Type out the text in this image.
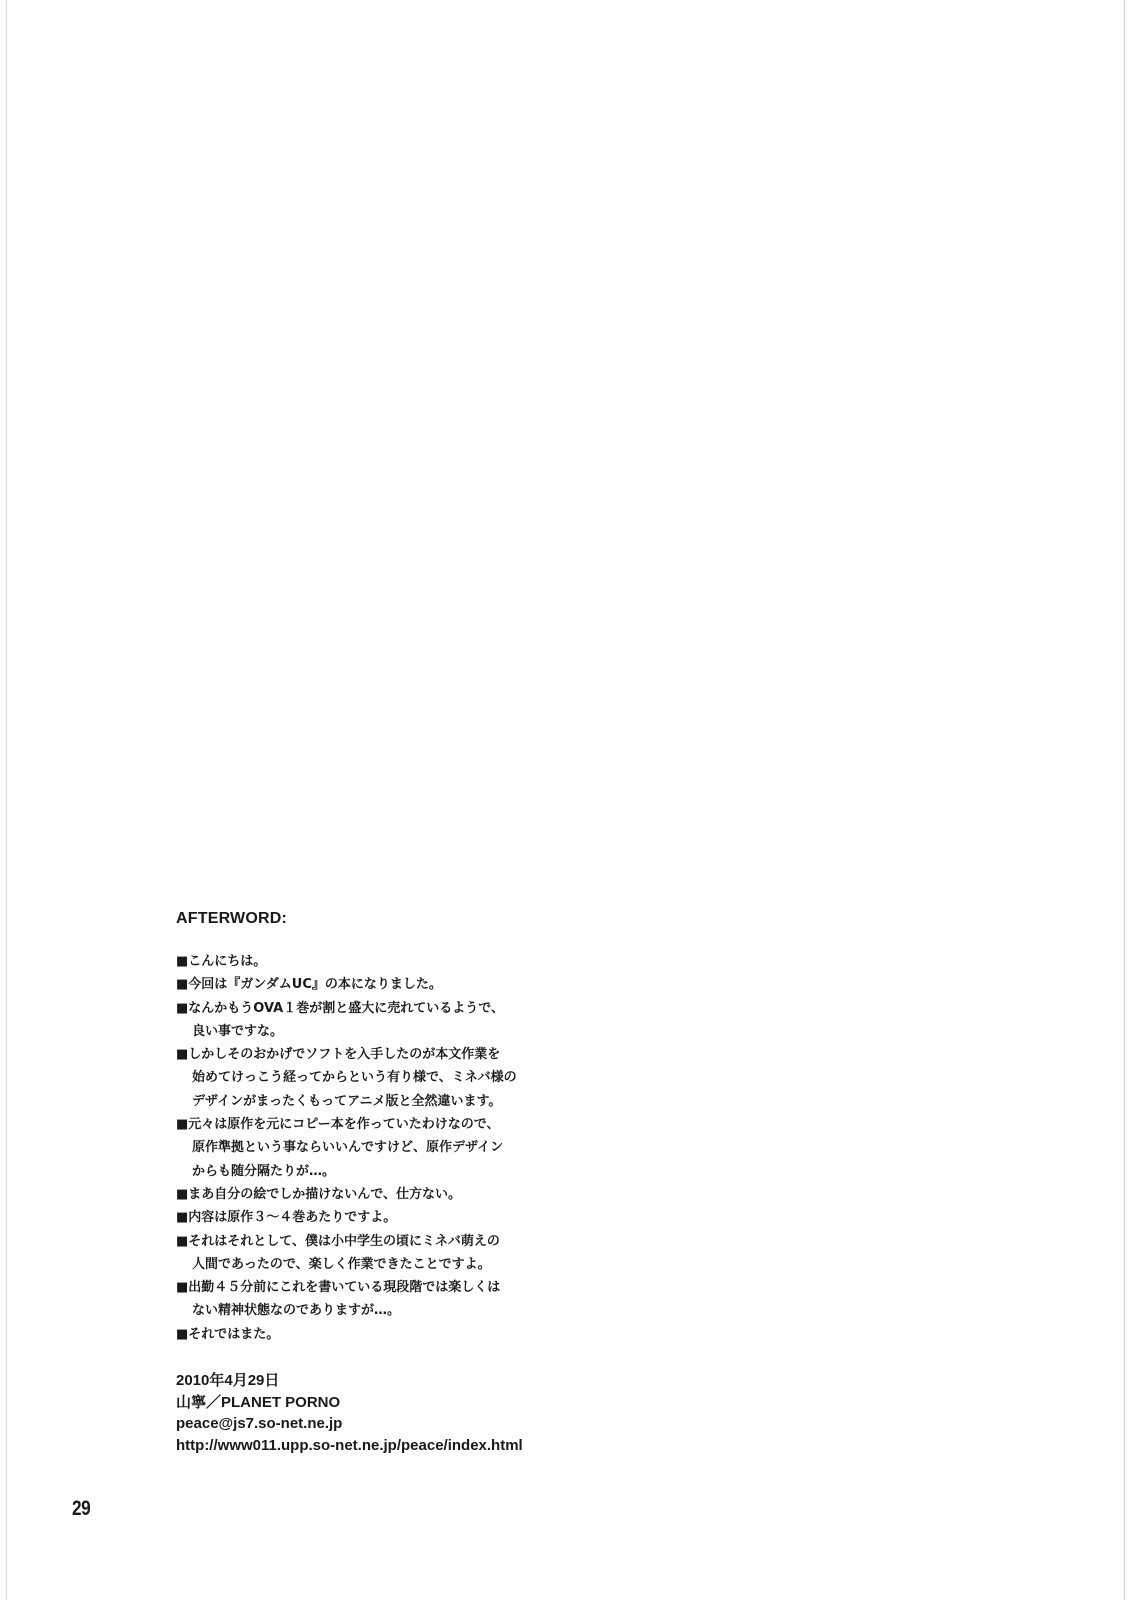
AFTERWORD:
■こんにちは。
■今回は『ガンダムUC』の本になりました。
■なんかもうOVA１巻が割と盛大に売れているようで、
良い事ですな。
■しかしそのおかげでソフトを入手したのが本文作業を
始めてけっこう経ってからという有り様で、ミネバ様の
デザインがまったくもってアニメ版と全然違います。
■元々は原作を元にコピー本を作っていたわけなので、
原作準拠という事ならいいんですけど、原作デザイン
からも随分隔たりが…。
■まあ自分の絵でしか描けないんで、仕方ない。
■内容は原作３～４巻あたりですよ。
■それはそれとして、僕は小中学生の頃にミネバ萌えの
人間であったので、楽しく作業できたことですよ。
■出勤４５分前にこれを書いている現段階では楽しくは
ない精神状態なのでありますが…。
■それではまた。
2010年4月29日
山寧／PLANET PORNO
peace@js7.so-net.ne.jp
http://www011.upp.so-net.ne.jp/peace/index.html
29
